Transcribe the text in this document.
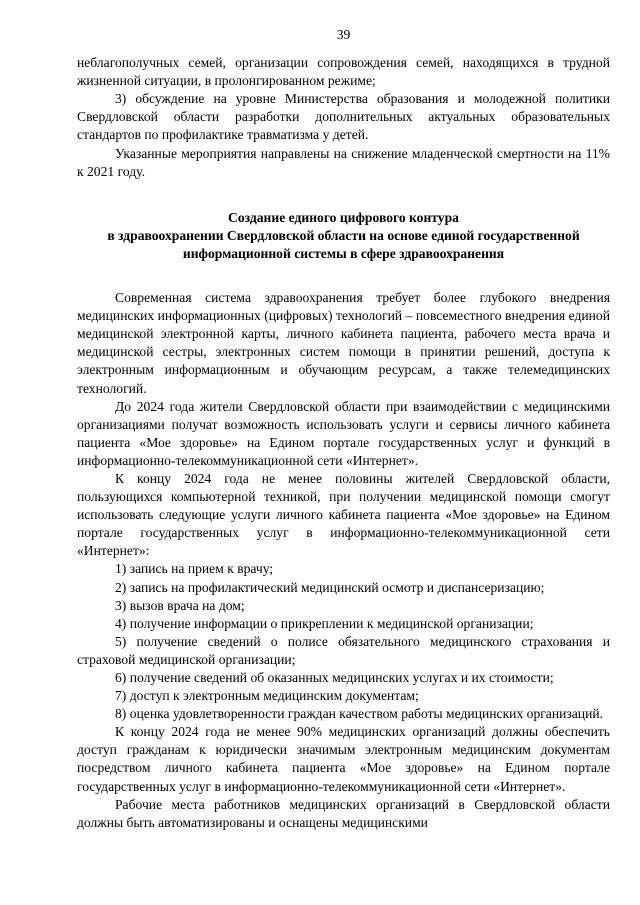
39

неблагополучных семей, организации сопровождения семей, находящихся в трудной жизненной ситуации, в пролонгированном режиме;

3) обсуждение на уровне Министерства образования и молодежной политики Свердловской области разработки дополнительных актуальных образовательных стандартов по профилактике травматизма у детей.

Указанные мероприятия направлены на снижение младенческой смертности на 11% к 2021 году.

Создание единого цифрового контура
в здравоохранении Свердловской области на основе единой государственной
информационной системы в сфере здравоохранения

Современная система здравоохранения требует более глубокого внедрения медицинских информационных (цифровых) технологий – повсеместного внедрения единой медицинской электронной карты, личного кабинета пациента, рабочего места врача и медицинской сестры, электронных систем помощи в принятии решений, доступа к электронным информационным и обучающим ресурсам, а также телемедицинских технологий.

До 2024 года жители Свердловской области при взаимодействии с медицинскими организациями получат возможность использовать услуги и сервисы личного кабинета пациента «Мое здоровье» на Едином портале государственных услуг и функций в информационно-телекоммуникационной сети «Интернет».

К концу 2024 года не менее половины жителей Свердловской области, пользующихся компьютерной техникой, при получении медицинской помощи смогут использовать следующие услуги личного кабинета пациента «Мое здоровье» на Едином портале государственных услуг в информационно-телекоммуникационной сети «Интернет»:

1) запись на прием к врачу;

2) запись на профилактический медицинский осмотр и диспансеризацию;

3) вызов врача на дом;

4) получение информации о прикреплении к медицинской организации;

5) получение сведений о полисе обязательного медицинского страхования и страховой медицинской организации;

6) получение сведений об оказанных медицинских услугах и их стоимости;

7) доступ к электронным медицинским документам;

8) оценка удовлетворенности граждан качеством работы медицинских организаций.

К концу 2024 года не менее 90% медицинских организаций должны обеспечить доступ гражданам к юридически значимым электронным медицинским документам посредством личного кабинета пациента «Мое здоровье» на Едином портале государственных услуг в информационно-телекоммуникационной сети «Интернет».

Рабочие места работников медицинских организаций в Свердловской области должны быть автоматизированы и оснащены медицинскими
